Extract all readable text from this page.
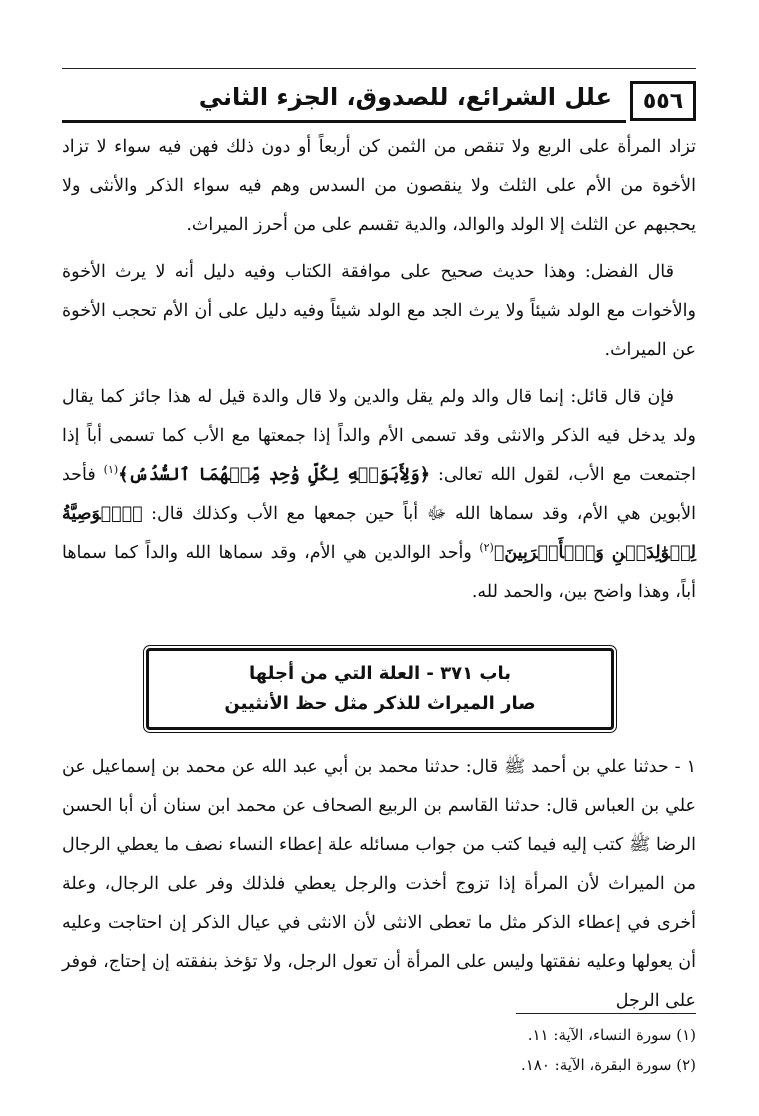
٥٥٦
علل الشرائع، للصدوق، الجزء الثاني

تزاد المرأة على الربع ولا تنقص من الثمن كن أربعاً أو دون ذلك فهن فيه سواء لا تزاد الأخوة من الأم على الثلث ولا ينقصون من السدس وهم فيه سواء الذكر والأنثى ولا يحجبهم عن الثلث إلا الولد والوالد، والدية تقسم على من أحرز الميراث.

قال الفضل: وهذا حديث صحيح على موافقة الكتاب وفيه دليل أنه لا يرث الأخوة والأخوات مع الولد شيئاً ولا يرث الجد مع الولد شيئاً وفيه دليل على أن الأم تحجب الأخوة عن الميراث.

فإن قال قائل: إنما قال والد ولم يقل والدين ولا قال والدة قيل له هذا جائز كما يقال ولد يدخل فيه الذكر والانثى وقد تسمى الأم والداً إذا جمعتها مع الأب كما تسمى أباً إذا اجتمعت مع الأب، لقول الله تعالى: ﴿وَلِأَبَوَيۡهِ لِكُلِّ وَٰحِدٖ مِّنۡهُمَا ٱلسُّدُسُ﴾$^{(١)}$ فأحد الأبوين هي الأم، وقد سماها الله ﷻ أباً حين جمعها مع الأب وكذلك قال: ﴿ٱلۡوَصِيَّةُ لِلۡوَٰلِدَيۡنِ وَٱلۡأَقۡرَبِينَ﴾$^{(٢)}$ وأحد الوالدين هي الأم، وقد سماها الله والداً كما سماها أباً، وهذا واضح بين، والحمد لله.

باب ٣٧١ - العلة التي من أجلها
صار الميراث للذكر مثل حظ الأنثيين

١ - حدثنا علي بن أحمد ﷺ قال: حدثنا محمد بن أبي عبد الله عن محمد بن إسماعيل عن علي بن العباس قال: حدثنا القاسم بن الربيع الصحاف عن محمد ابن سنان أن أبا الحسن الرضا ﷺ كتب إليه فيما كتب من جواب مسائله علة إعطاء النساء نصف ما يعطي الرجال من الميراث لأن المرأة إذا تزوج أخذت والرجل يعطي فلذلك وفر على الرجال، وعلة أخرى في إعطاء الذكر مثل ما تعطى الانثى لأن الانثى في عيال الذكر إن احتاجت وعليه أن يعولها وعليه نفقتها وليس على المرأة أن تعول الرجل، ولا تؤخذ بنفقته إن إحتاج، فوفر على الرجل

(١) سورة النساء، الآية: ١١.
(٢) سورة البقرة، الآية: ١٨٠.
